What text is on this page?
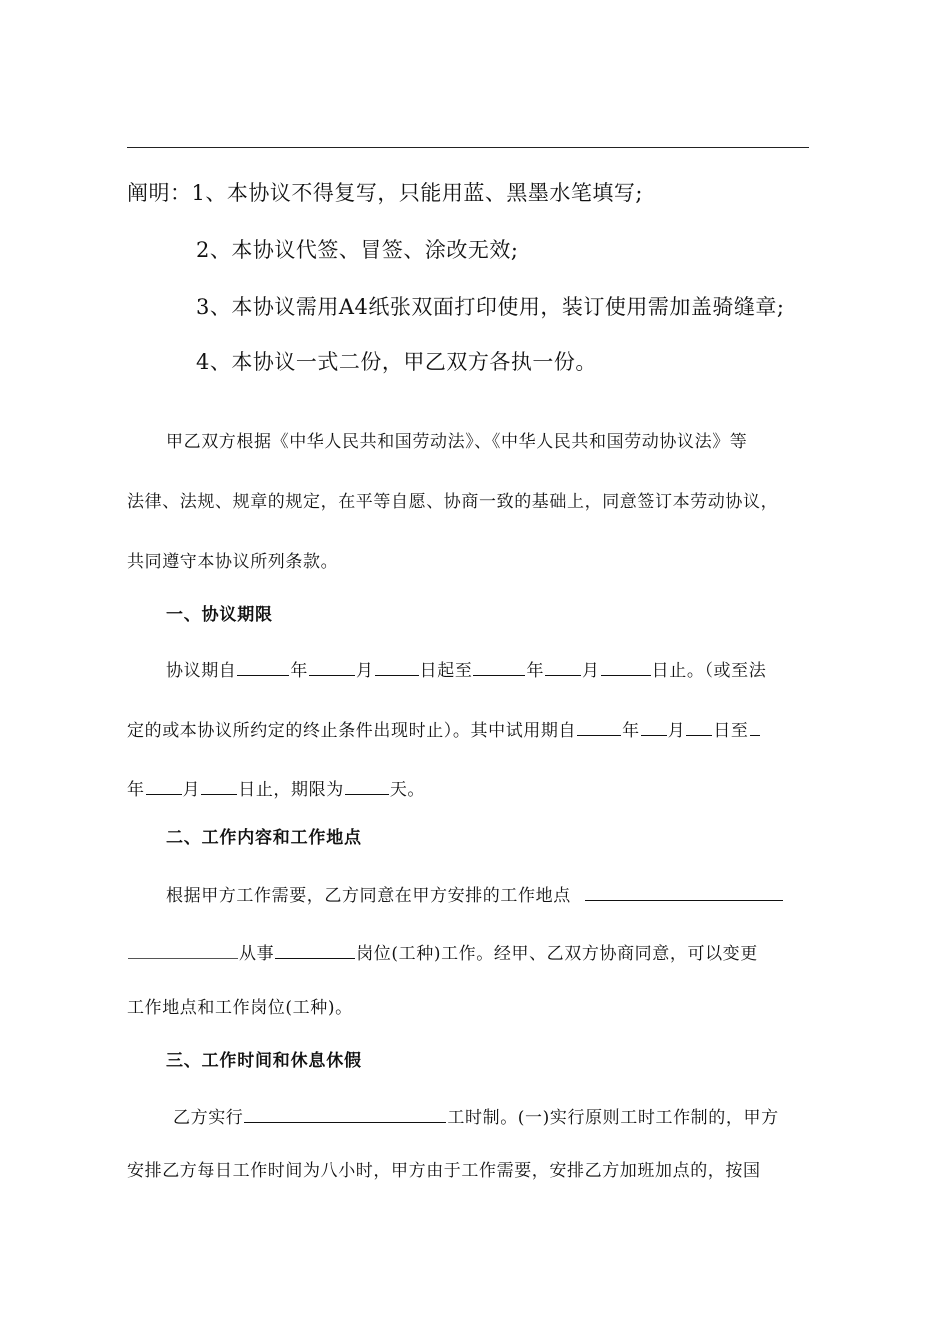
阐明：1、本协议不得复写，只能用蓝、黑墨水笔填写;
2、本协议代签、冒签、涂改无效;
3、本协议需用A4纸张双面打印使用，装订使用需加盖骑缝章;
4、本协议一式二份，甲乙双方各执一份。
甲乙双方根据《中华人民共和国劳动法》、《中华人民共和国劳动协议法》等
法律、法规、规章的规定，在平等自愿、协商一致的基础上，同意签订本劳动协议，
共同遵守本协议所列条款。
一、协议期限
协议期自	年	月	日起至	年 月	日止。（或至法
定的或本协议所约定的终止条件出现时止）。其中试用期自	年 月 日至
年 月 日止，期限为	天。
二、工作内容和工作地点
根据甲方工作需要，乙方同意在甲方安排的工作地点
从事	岗位(工种)工作。经甲、乙双方协商同意，可以变更
工作地点和工作岗位(工种)。
三、工作时间和休息休假
乙方实行	工时制。(一)实行原则工时工作制的，甲方
安排乙方每日工作时间为八小时，甲方由于工作需要，安排乙方加班加点的，按国
